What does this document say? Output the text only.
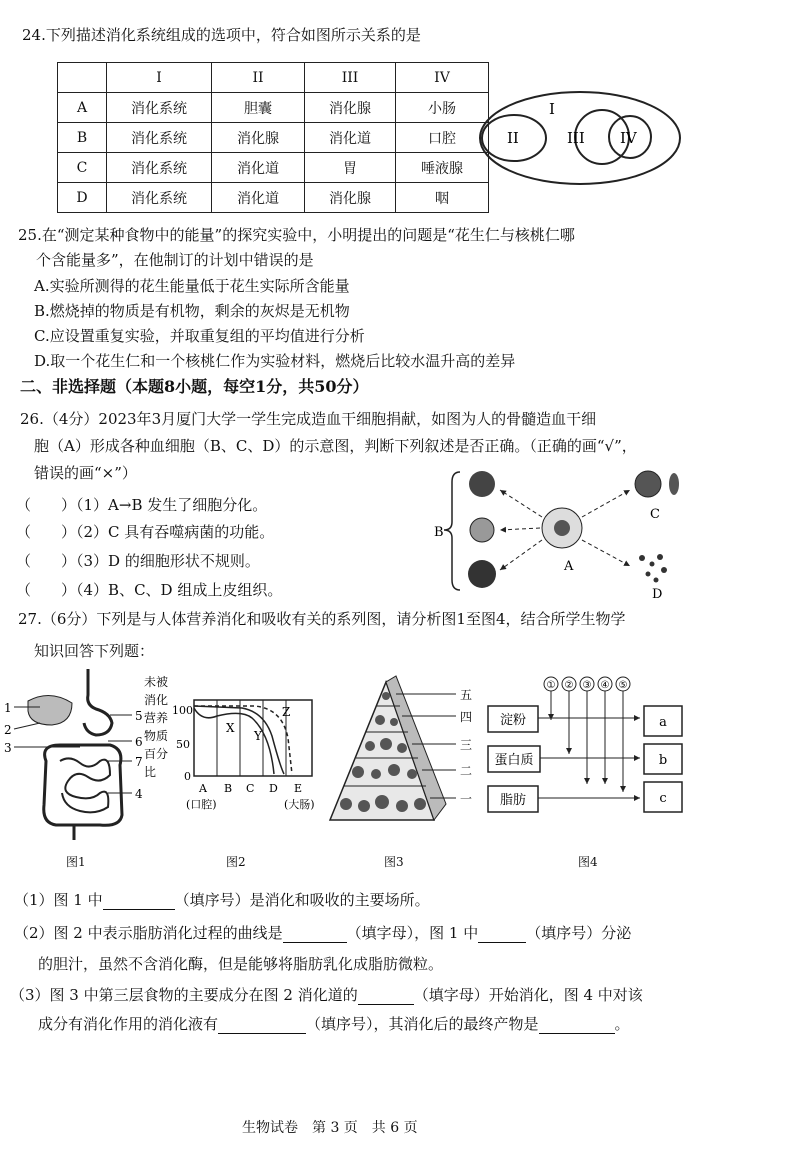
24.下列描述消化系统组成的选项中，符合如图所示关系的是
	I	II	III	IV
A	消化系统	胆囊	消化腺	小肠
B	消化系统	消化腺	消化道	口腔
C	消化系统	消化道	胃	唾液腺
D	消化系统	消化道	消化腺	咽
I
II	III IV
25.在“测定某种食物中的能量”的探究实验中，小明提出的问题是“花生仁与核桃仁哪
个含能量多”，在他制订的计划中错误的是
A.实验所测得的花生能量低于花生实际所含能量
B.燃烧掉的物质是有机物，剩余的灰烬是无机物
C.应设置重复实验，并取重复组的平均值进行分析
D.取一个花生仁和一个核桃仁作为实验材料，燃烧后比较水温升高的差异
二、非选择题（本题8小题，每空1分，共50分）
26.（4分）2023年3月厦门大学一学生完成造血干细胞捐献，如图为人的骨髓造血干细
胞（A）形成各种血细胞（B、C、D）的示意图，判断下列叙述是否正确。（正确的画“√”，
错误的画“×”）
（　　）（1）A→B 发生了细胞分化。
（　　）（2）C 具有吞噬病菌的功能。
（　　）（3）D 的细胞形状不规则。
（　　）（4）B、C、D 组成上皮组织。
B
A
C
D
27.（6分）下列是与人体营养消化和吸收有关的系列图，请分析图1至图4，结合所学生物学
知识回答下列题：
1
2
3
5
6
7
4
图1
未被
消化
营养
物质
百分
比
100
50
0
X
Y
Z
A B C D E
(口腔)	(大肠)
图2
五
四
三
二
一
图3
① ② ③ ④ ⑤
淀粉
蛋白质
脂肪
a
b
c
图4
（1）图 1 中	（填序号）是消化和吸收的主要场所。
（2）图 2 中表示脂肪消化过程的曲线是	（填字母），图 1 中	（填序号）分泌
的胆汁，虽然不含消化酶，但是能够将脂肪乳化成脂肪微粒。
（3）图 3 中第三层食物的主要成分在图 2 消化道的	（填字母）开始消化，图 4 中对该
成分有消化作用的消化液有	（填序号），其消化后的最终产物是	。
生物试卷　第 3 页　共 6 页
